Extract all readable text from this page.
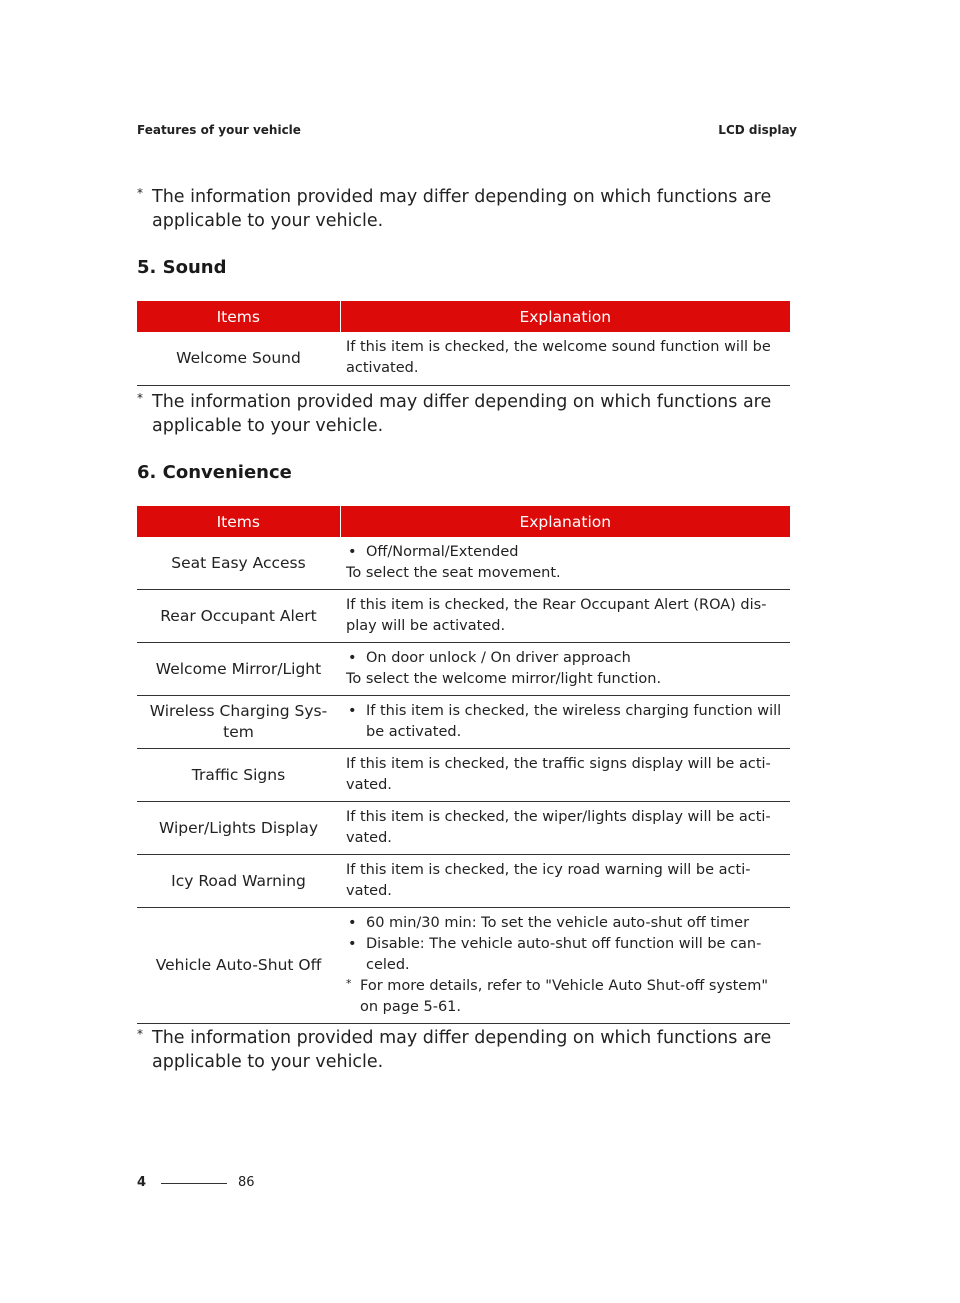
Features of your vehicle	LCD display
* The information provided may differ depending on which functions are
applicable to your vehicle.
5. Sound
Items	Explanation
Welcome Sound	If this item is checked, the welcome sound function will be activated.
* The information provided may differ depending on which functions are
applicable to your vehicle.
6. Convenience
Items	Explanation
Seat Easy Access	• Off/Normal/Extended
To select the seat movement.

Rear Occupant Alert	If this item is checked, the Rear Occupant Alert (ROA) dis-play will be activated.
Welcome Mirror/Light	• On door unlock / On driver approach
To select the welcome mirror/light function.

Wireless Charging Sys-tem	• If this item is checked, the wireless charging function will be activated.

Traffic Signs	If this item is checked, the traffic signs display will be acti-vated.
Wiper/Lights Display	If this item is checked, the wiper/lights display will be acti-vated.
Icy Road Warning	If this item is checked, the icy road warning will be acti-vated.
Vehicle Auto-Shut Off	• 60 min/30 min: To set the vehicle auto-shut off timer
• Disable: The vehicle auto-shut off function will be can-celed.
* For more details, refer to "Vehicle Auto Shut-off system" on page 5-61.
* The information provided may differ depending on which functions are
applicable to your vehicle.
4	86
